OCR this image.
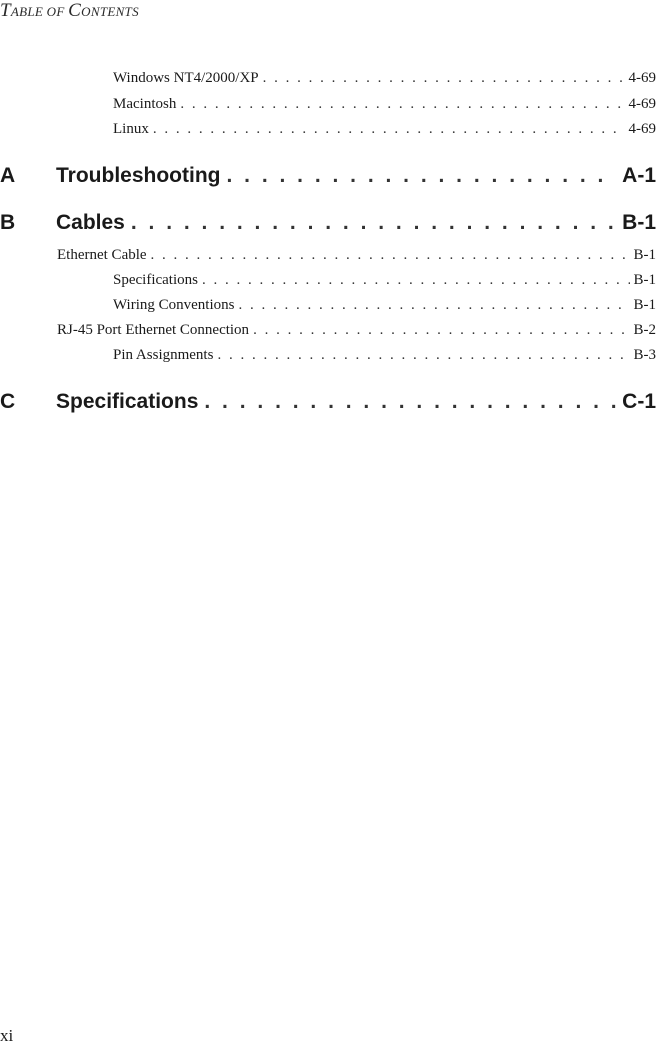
TABLE OF CONTENTS
Windows NT4/2000/XP . . .	4-69
Macintosh . . .	4-69
Linux . . .	4-69
A Troubleshooting . . .	A-1
B Cables . . .	B-1
Ethernet Cable . . .	B-1
Specifications . . .	B-1
Wiring Conventions . . .	B-1
RJ-45 Port Ethernet Connection . . .	B-2
Pin Assignments . . .	B-3
C Specifications . . .	C-1
xi
